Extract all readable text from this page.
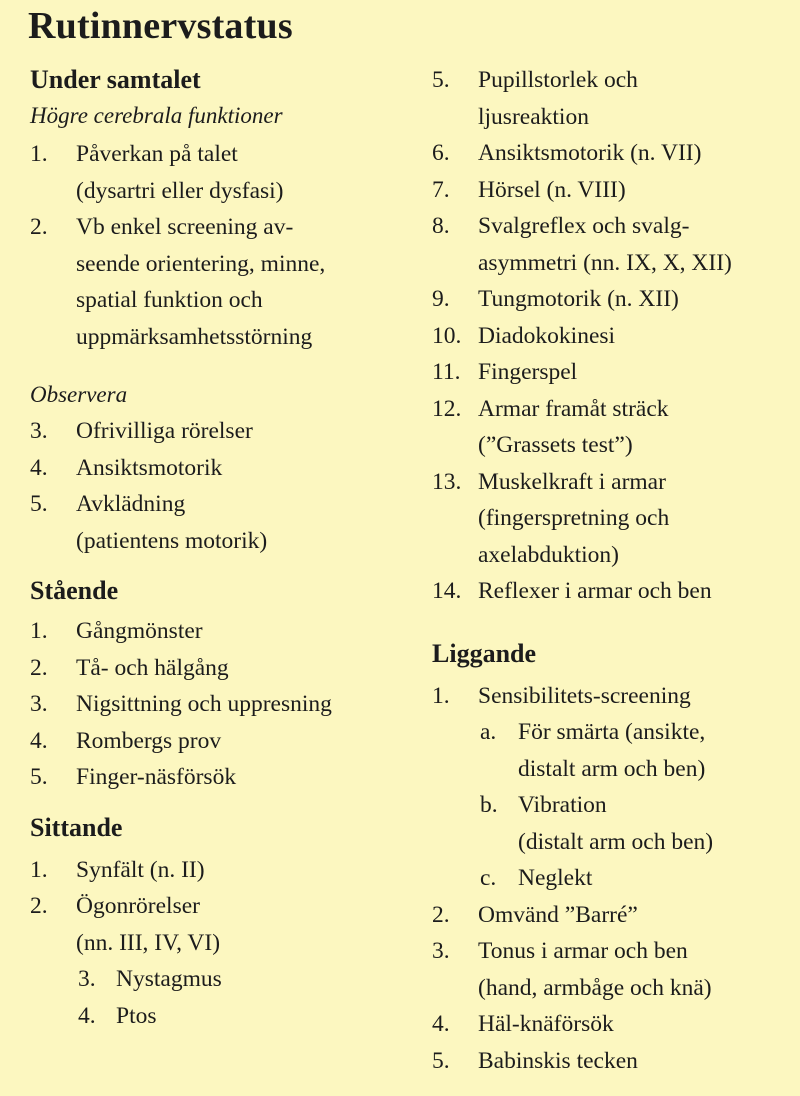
Rutinnervstatus
Under samtalet
Högre cerebrala funktioner
1.	Påverkan på talet
(dysartri eller dysfasi)
2.	Vb enkel screening av-
seende orientering, minne,
spatial funktion och
uppmärksamhetsstörning
Observera
3.	Ofrivilliga rörelser
4.	Ansiktsmotorik
5.	Avklädning
(patientens motorik)
Stående
1.	Gångmönster
2.	Tå- och hälgång
3.	Nigsittning och uppresning
4.	Rombergs prov
5.	Finger-näsförsök
Sittande
1.	Synfält (n. II)
2.	Ögonrörelser
(nn. III, IV, VI)
3. Nystagmus
4. Ptos
5.	Pupillstorlek och
ljusreaktion
6.	Ansiktsmotorik (n. VII)
7.	Hörsel (n. VIII)
8.	Svalgreflex och svalg-
asymmetri (nn. IX, X, XII)
9.	Tungmotorik (n. XII)
10. Diadokokinesi
11. Fingerspel
12. Armar framåt sträck
(”Grassets test”)
13. Muskelkraft i armar
(fingerspretning och
axelabduktion)
14. Reflexer i armar och ben
Liggande
1.	Sensibilitets-screening
a. För smärta (ansikte,
distalt arm och ben)
b. Vibration
(distalt arm och ben)
c. Neglekt
2.	Omvänd ”Barré”
3.	Tonus i armar och ben
(hand, armbåge och knä)
4.	Häl-knäförsök
5.	Babinskis tecken
